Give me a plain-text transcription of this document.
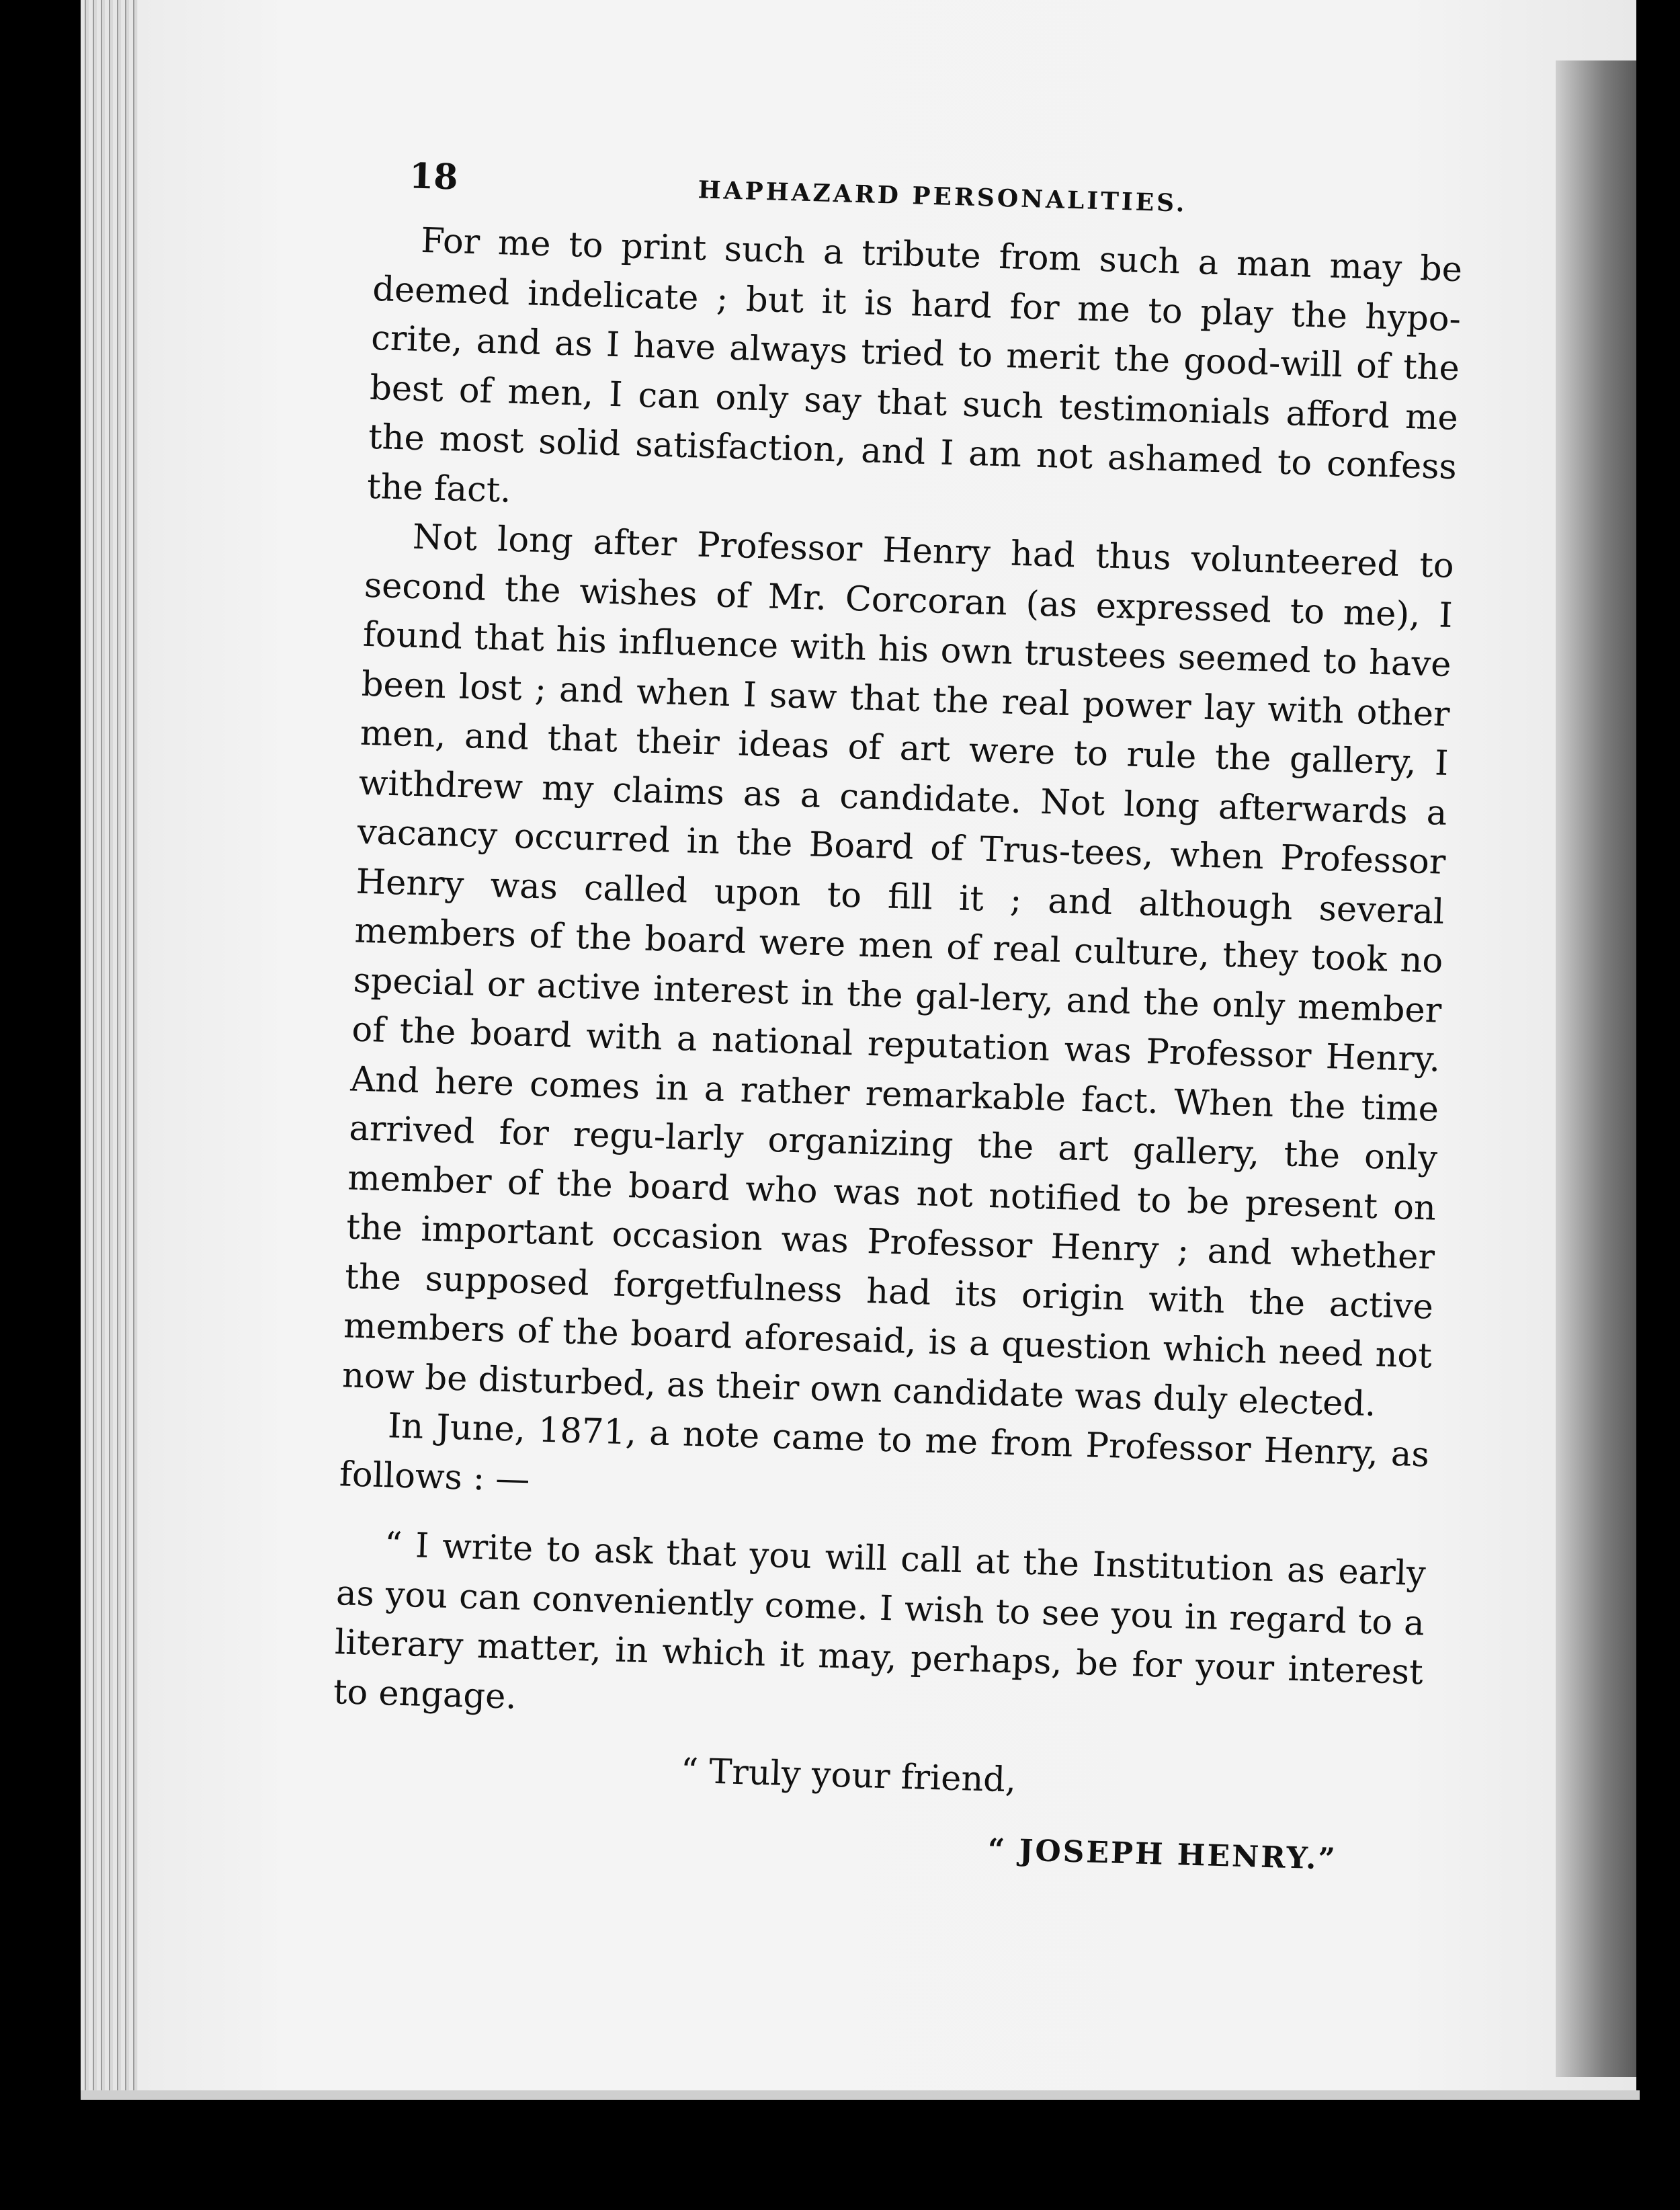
18	HAPHAZARD PERSONALITIES.

For me to print such a tribute from such a man may be deemed indelicate ; but it is hard for me to play the hypo-crite, and as I have always tried to merit the good-will of the best of men, I can only say that such testimonials afford me the most solid satisfaction, and I am not ashamed to confess the fact.

Not long after Professor Henry had thus volunteered to second the wishes of Mr. Corcoran (as expressed to me), I found that his influence with his own trustees seemed to have been lost ; and when I saw that the real power lay with other men, and that their ideas of art were to rule the gallery, I withdrew my claims as a candidate. Not long afterwards a vacancy occurred in the Board of Trus-tees, when Professor Henry was called upon to fill it ; and although several members of the board were men of real culture, they took no special or active interest in the gal-lery, and the only member of the board with a national reputation was Professor Henry. And here comes in a rather remarkable fact. When the time arrived for regu-larly organizing the art gallery, the only member of the board who was not notified to be present on the important occasion was Professor Henry ; and whether the supposed forgetfulness had its origin with the active members of the board aforesaid, is a question which need not now be disturbed, as their own candidate was duly elected.

In June, 1871, a note came to me from Professor Henry, as follows : —

“ I write to ask that you will call at the Institution as early as you can conveniently come. I wish to see you in regard to a literary matter, in which it may, perhaps, be for your interest to engage.

“ Truly your friend,

“ JOSEPH HENRY.”
